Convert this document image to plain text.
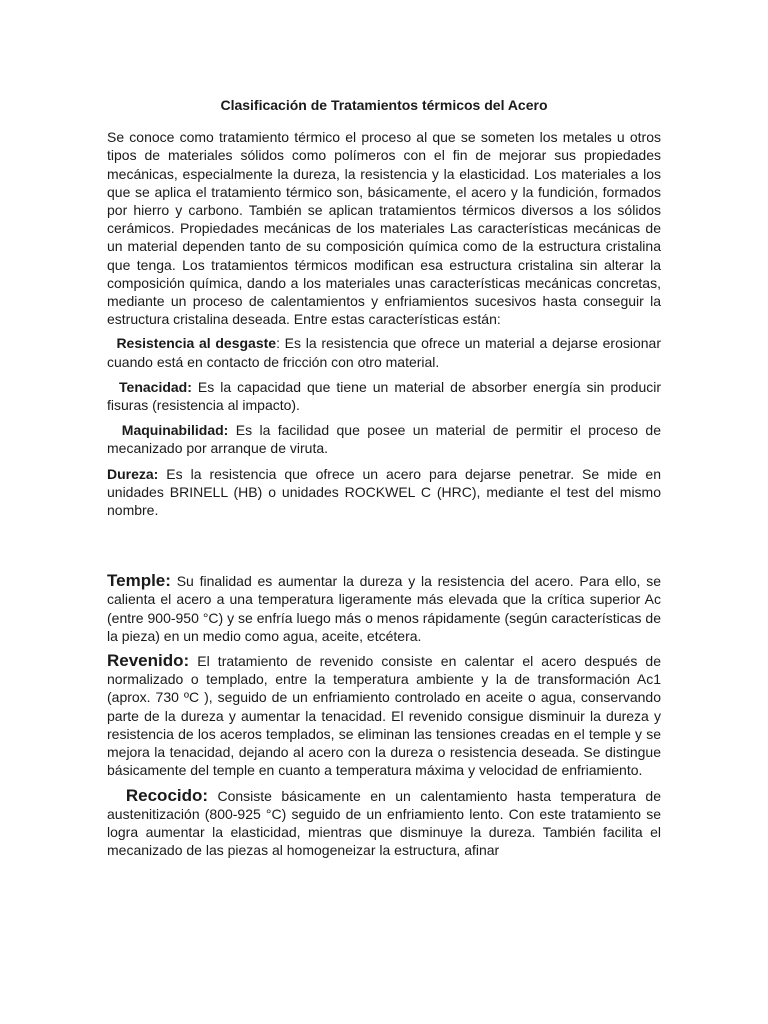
Clasificación de Tratamientos térmicos del Acero

Se conoce como tratamiento térmico el proceso al que se someten los metales u otros tipos de materiales sólidos como polímeros con el fin de mejorar sus propiedades mecánicas, especialmente la dureza, la resistencia y la elasticidad. Los materiales a los que se aplica el tratamiento térmico son, básicamente, el acero y la fundición, formados por hierro y carbono. También se aplican tratamientos térmicos diversos a los sólidos cerámicos. Propiedades mecánicas de los materiales Las características mecánicas de un material dependen tanto de su composición química como de la estructura cristalina que tenga. Los tratamientos térmicos modifican esa estructura cristalina sin alterar la composición química, dando a los materiales unas características mecánicas concretas, mediante un proceso de calentamientos y enfriamientos sucesivos hasta conseguir la estructura cristalina deseada. Entre estas características están:

Resistencia al desgaste: Es la resistencia que ofrece un material a dejarse erosionar cuando está en contacto de fricción con otro material.

Tenacidad: Es la capacidad que tiene un material de absorber energía sin producir fisuras (resistencia al impacto).

Maquinabilidad: Es la facilidad que posee un material de permitir el proceso de mecanizado por arranque de viruta.

Dureza: Es la resistencia que ofrece un acero para dejarse penetrar. Se mide en unidades BRINELL (HB) o unidades ROCKWEL C (HRC), mediante el test del mismo nombre.

Temple: Su finalidad es aumentar la dureza y la resistencia del acero. Para ello, se calienta el acero a una temperatura ligeramente más elevada que la crítica superior Ac (entre 900-950 °C) y se enfría luego más o menos rápidamente (según características de la pieza) en un medio como agua, aceite, etcétera.

Revenido: El tratamiento de revenido consiste en calentar el acero después de normalizado o templado, entre la temperatura ambiente y la de transformación Ac1 (aprox. 730 ºC ), seguido de un enfriamiento controlado en aceite o agua, conservando parte de la dureza y aumentar la tenacidad. El revenido consigue disminuir la dureza y resistencia de los aceros templados, se eliminan las tensiones creadas en el temple y se mejora la tenacidad, dejando al acero con la dureza o resistencia deseada. Se distingue básicamente del temple en cuanto a temperatura máxima y velocidad de enfriamiento.

Recocido: Consiste básicamente en un calentamiento hasta temperatura de austenitización (800-925 °C) seguido de un enfriamiento lento. Con este tratamiento se logra aumentar la elasticidad, mientras que disminuye la dureza. También facilita el mecanizado de las piezas al homogeneizar la estructura, afinar
